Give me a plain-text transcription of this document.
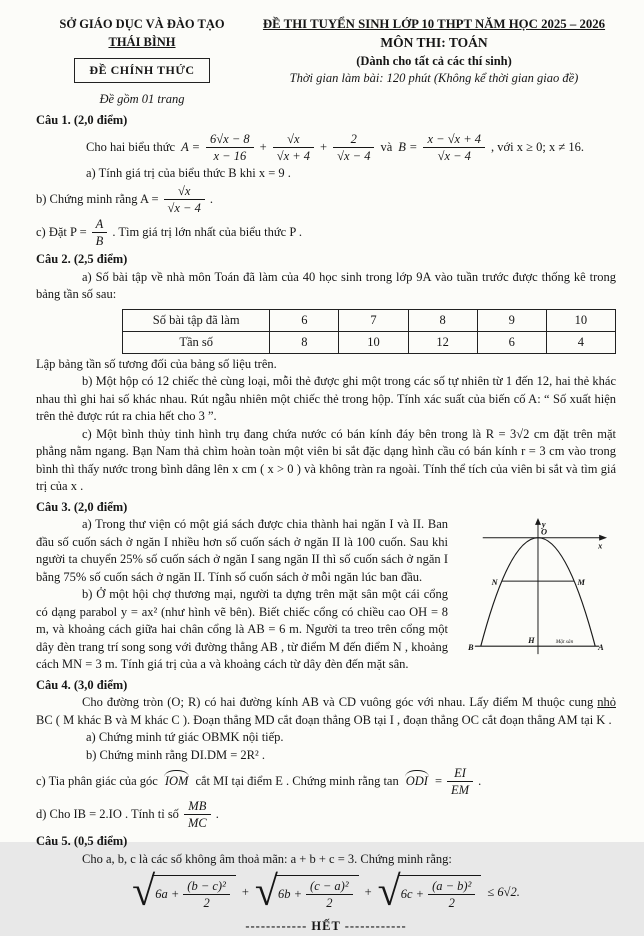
SỞ GIÁO DỤC VÀ ĐÀO TẠO
THÁI BÌNH
ĐỀ CHÍNH THỨC
Đề gồm 01 trang
ĐỀ THI TUYỂN SINH LỚP 10 THPT NĂM HỌC 2025 – 2026
MÔN THI: TOÁN
(Dành cho tất cả các thí sinh)
Thời gian làm bài: 120 phút (Không kể thời gian giao đề)
Câu 1. (2,0 điểm)
Cho hai biểu thức $A = \frac{6√x - 8}{x - 16} + \frac{√x}{√x + 4} + \frac{2}{√x - 4}$ và $B = \frac{x - √x + 4}{√x - 4}$ , với x ≥ 0; x ≠ 16.
a) Tính giá trị của biểu thức B khi x = 9 .
b) Chứng minh rằng $A = \frac{√x}{√x - 4}$ .
c) Đặt $P = \frac{A}{B}$ . Tìm giá trị lớn nhất của biểu thức P .
Câu 2. (2,5 điểm)

a) Số bài tập về nhà môn Toán đã làm của 40 học sinh trong lớp 9A vào tuần trước được thống kê trong bảng tần số sau:

Số bài tập đã làm	6	7	8	9	10
Tần số	8	10	12	6	4

Lập bảng tần số tương đối của bảng số liệu trên.

b) Một hộp có 12 chiếc thẻ cùng loại, mỗi thẻ được ghi một trong các số tự nhiên từ 1 đến 12, hai thẻ khác nhau thì ghi hai số khác nhau. Rút ngẫu nhiên một chiếc thẻ trong hộp. Tính xác suất của biến cố A: “ Số xuất hiện trên thẻ được rút ra chia hết cho 3 ”.

c) Một bình thủy tinh hình trụ đang chứa nước có bán kính đáy bên trong là R = 3√2 cm đặt trên mặt phẳng nằm ngang. Bạn Nam thả chìm hoàn toàn một viên bi sắt đặc dạng hình cầu có bán kính r = 3 cm vào trong bình thì thấy nước trong bình dâng lên x cm ( x > 0 ) và không tràn ra ngoài. Tính thể tích của viên bi sắt và tìm giá trị của x .

Câu 3. (2,0 điểm)
y
x
O
N	M
B
H
A
Mặt sân

a) Trong thư viện có một giá sách được chia thành hai ngăn I và II. Ban đầu số cuốn sách ở ngăn I nhiều hơn số cuốn sách ở ngăn II là 100 cuốn. Sau khi người ta chuyển 25% số cuốn sách ở ngăn I sang ngăn II thì số cuốn sách ở ngăn I bằng 75% số cuốn sách ở ngăn II. Tính số cuốn sách ở mỗi ngăn lúc ban đầu.

b) Ở một hội chợ thương mại, người ta dựng trên mặt sân một cái cổng có dạng parabol y = ax² (như hình vẽ bên). Biết chiếc cổng có chiều cao OH = 8 m, và khoảng cách giữa hai chân cổng là AB = 6 m. Người ta treo trên cổng một dây đèn trang trí song song với đường thẳng AB , từ điểm M đến điểm N , khoảng cách MN = 3 m. Tính giá trị của a và khoảng cách từ dây đèn đến mặt sân.

Câu 4. (3,0 điểm)

Cho đường tròn (O; R) có hai đường kính AB và CD vuông góc với nhau. Lấy điểm M thuộc cung nhỏ BC ( M khác B và M khác C ). Đoạn thẳng MD cắt đoạn thẳng OB tại I , đoạn thẳng OC cắt đoạn thẳng AM tại K .

a) Chứng minh tứ giác OBMK nội tiếp.
b) Chứng minh rằng DI.DM = 2R² .
c) Tia phân giác của góc IOM cắt MI tại điểm E . Chứng minh rằng tan ODI = $\frac{EI}{EM}$ .
d) Cho IB = 2.IO . Tính tỉ số $\frac{MB}{MC}$ .
Câu 5. (0,5 điểm)

Cho a, b, c là các số không âm thoả mãn: a + b + c = 3. Chứng minh rằng:

√ $6a + \frac{\text{(b − c)²}}{2}$ + √ $6b + \frac{\text{(c − a)²}}{2}$ + √ $6c + \frac{\text{(a − b)²}}{2} \le 6√2$.
------------ HẾT ------------
